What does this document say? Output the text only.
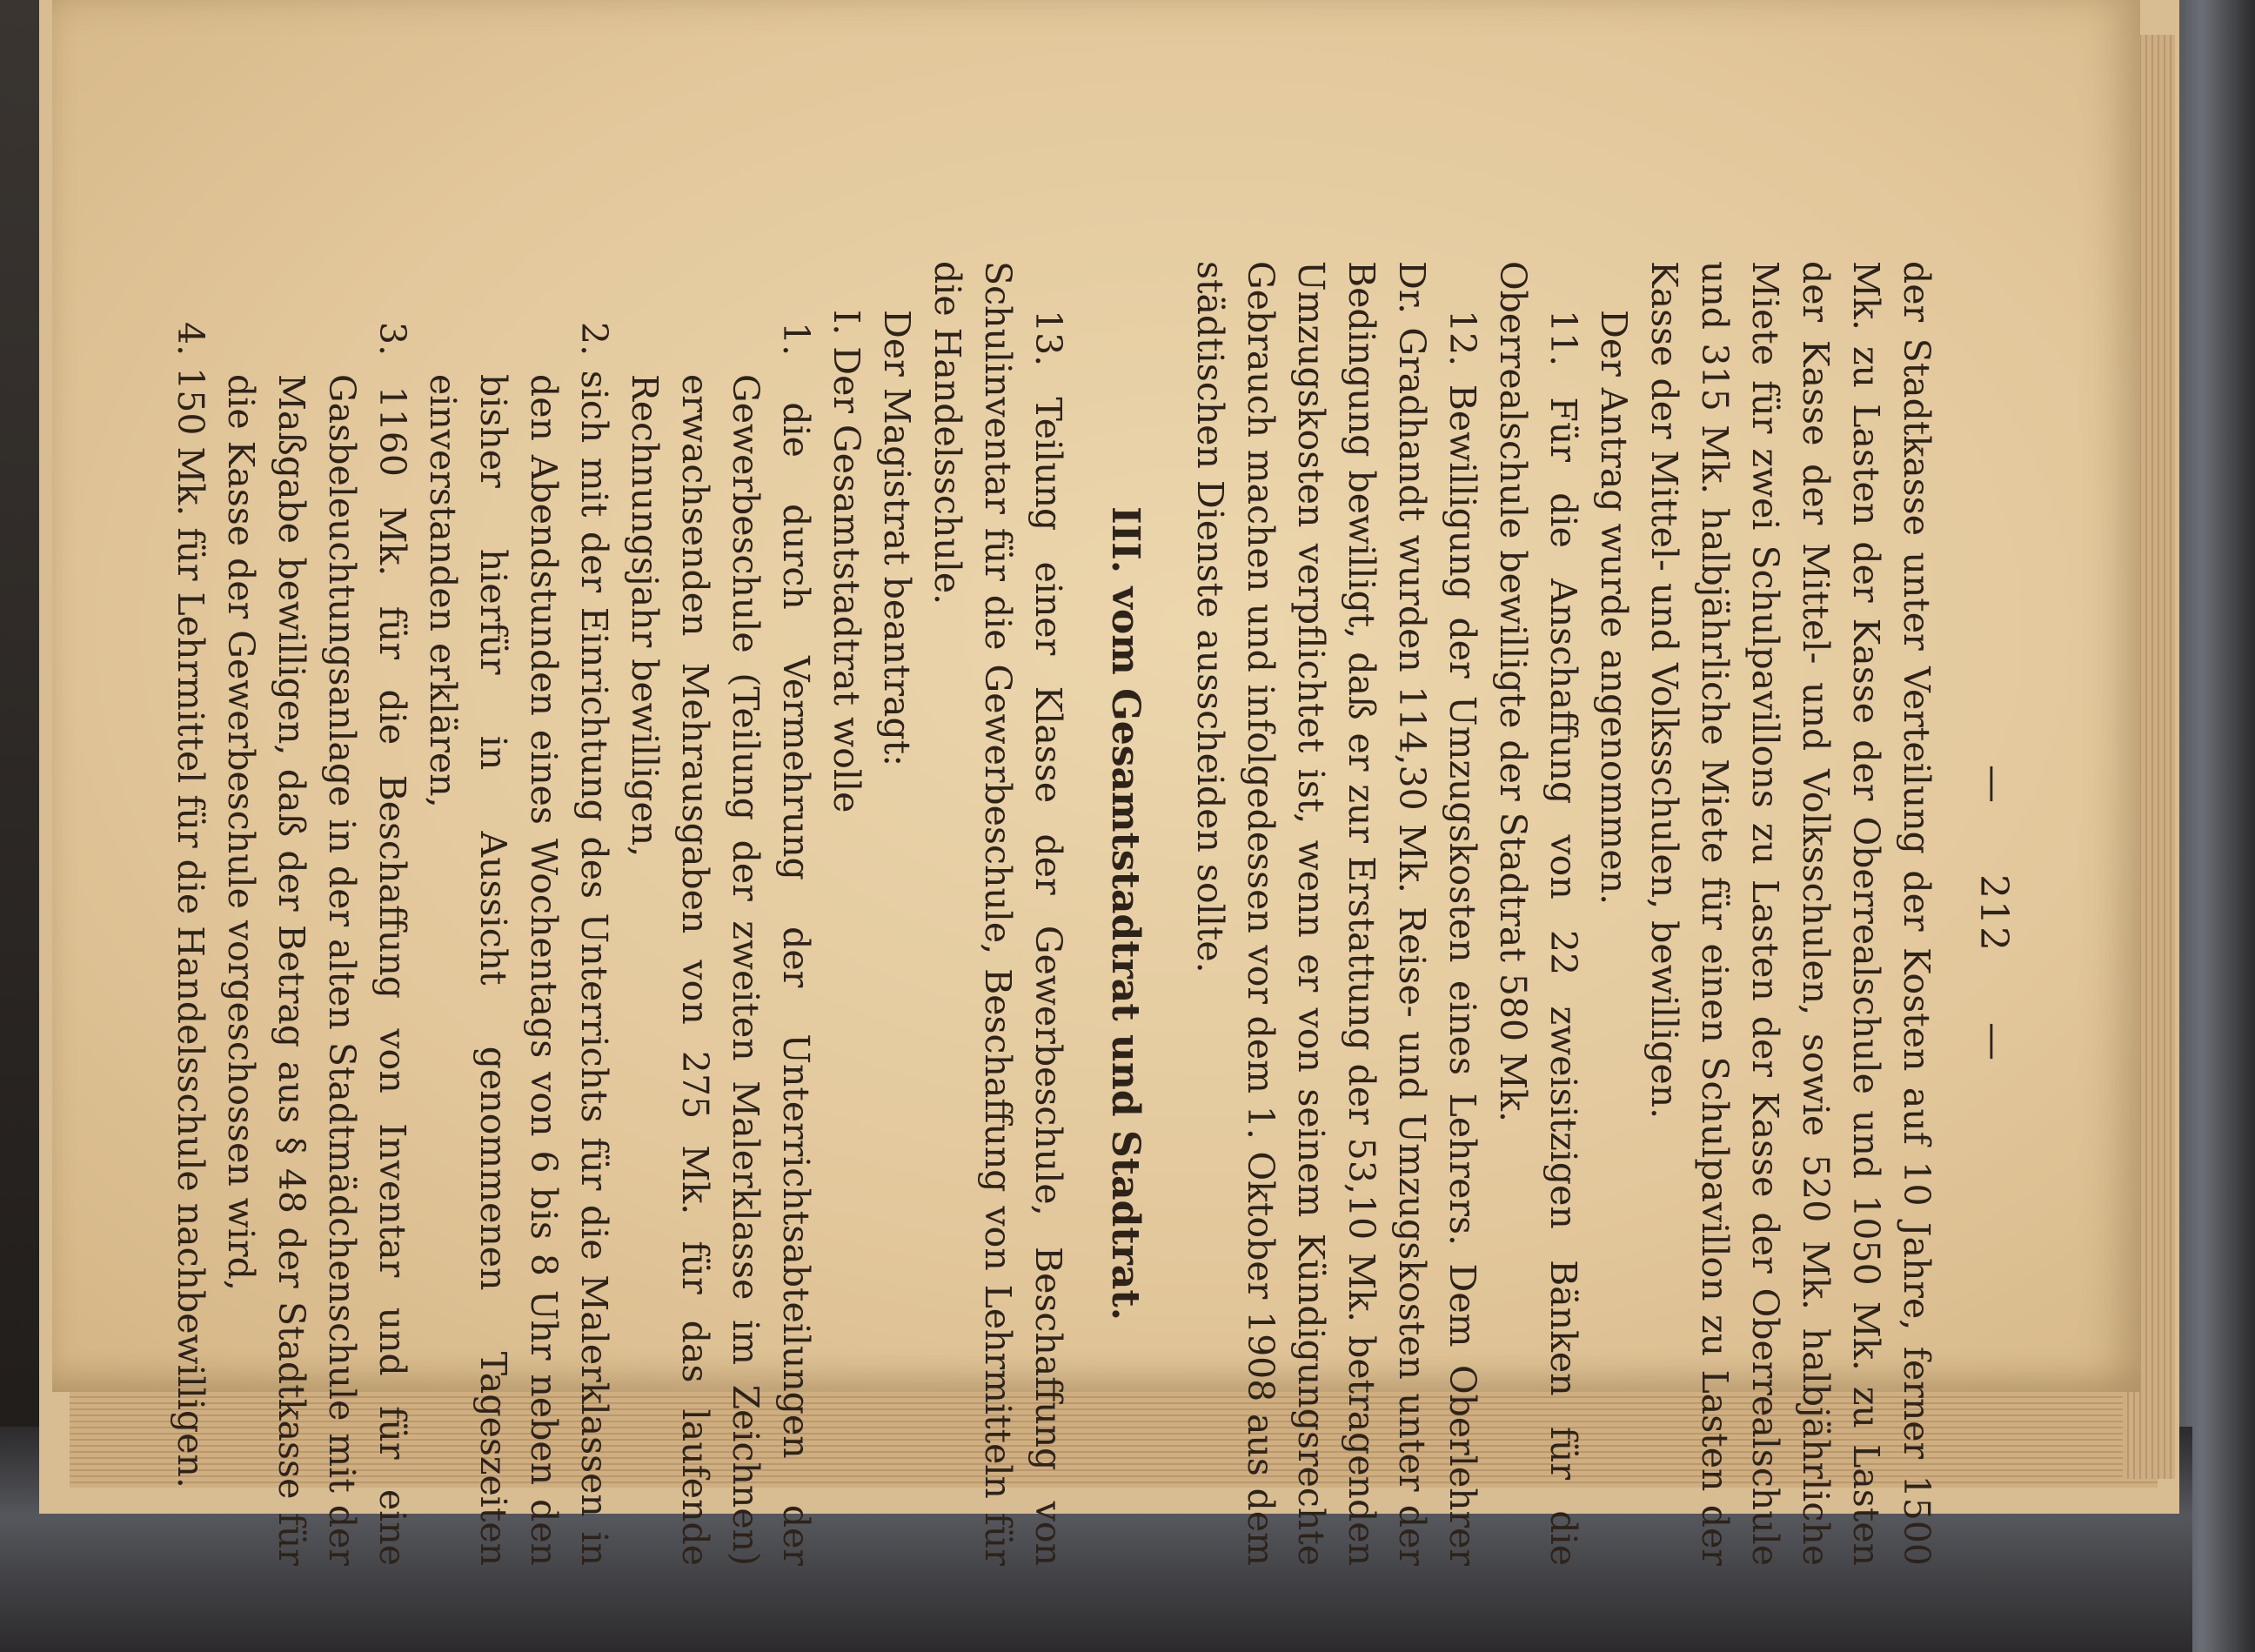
—212—

der Stadtkasse unter Verteilung der Kosten auf 10 Jahre, ferner 1500 Mk. zu Lasten der Kasse der Oberrealschule und 1050 Mk. zu Lasten der Kasse der Mittel- und Volksschulen, sowie 520 Mk. halbjährliche Miete für zwei Schulpavillons zu Lasten der Kasse der Oberrealschule und 315 Mk. halbjährliche Miete für einen Schulpavillon zu Lasten der Kasse der Mittel- und Volksschulen, bewilligen.

Der Antrag wurde angenommen.

11. Für die Anschaffung von 22 zweisitzigen Bänken für die Oberrealschule bewilligte der Stadtrat 580 Mk.

12. Bewilligung der Umzugskosten eines Lehrers. Dem Oberlehrer Dr. Gradhandt wurden 114,30 Mk. Reise- und Umzugskosten unter der Bedingung bewilligt, daß er zur Erstattung der 53,10 Mk. betragenden Umzugskosten verpflichtet ist, wenn er von seinem Kündigungsrechte Gebrauch machen und infolgedessen vor dem 1. Oktober 1908 aus dem städtischen Dienste ausscheiden sollte.

III. vom Gesamtstadtrat und Stadtrat.

13. Teilung einer Klasse der Gewerbeschule, Beschaffung von Schulinventar für die Gewerbeschule, Beschaffung von Lehrmitteln für die Handelsschule.

Der Magistrat beantragt:

I. Der Gesamtstadtrat wolle

1. die durch Vermehrung der Unterrichtsabteilungen der Gewerbeschule (Teilung der zweiten Malerklasse im Zeichnen) erwachsenden Mehrausgaben von 275 Mk. für das laufende Rechnungsjahr bewilligen,

2. sich mit der Einrichtung des Unterrichts für die Malerklassen in den Abendstunden eines Wochentags von 6 bis 8 Uhr neben den bisher hierfür in Aussicht genommenen Tageszeiten einverstanden erklären,

3. 1160 Mk. für die Beschaffung von Inventar und für eine Gasbeleuchtungsanlage in der alten Stadtmädchenschule mit der Maßgabe bewilligen, daß der Betrag aus § 48 der Stadtkasse für die Kasse der Gewerbeschule vorgeschossen wird,

4. 150 Mk. für Lehrmittel für die Handelsschule nachbewilligen.
